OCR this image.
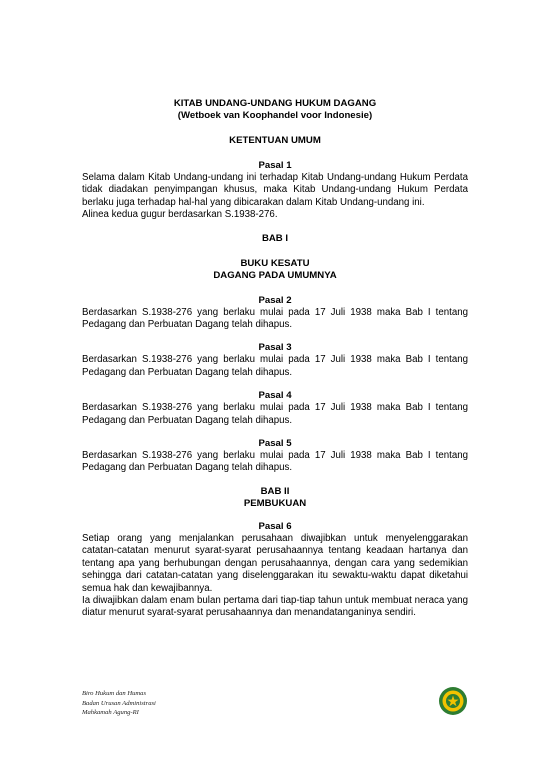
KITAB UNDANG-UNDANG HUKUM DAGANG
(Wetboek van Koophandel voor Indonesie)
KETENTUAN UMUM
Pasal 1
Selama dalam Kitab Undang-undang ini terhadap Kitab Undang-undang Hukum Perdata tidak diadakan penyimpangan khusus, maka Kitab Undang-undang Hukum Perdata berlaku juga terhadap hal-hal yang dibicarakan dalam Kitab Undang-undang ini.
Alinea kedua gugur berdasarkan S.1938-276.
BAB I
BUKU KESATU
DAGANG PADA UMUMNYA
Pasal 2
Berdasarkan S.1938-276 yang berlaku mulai pada 17 Juli 1938 maka Bab I tentang Pedagang dan Perbuatan Dagang telah dihapus.
Pasal 3
Berdasarkan S.1938-276 yang berlaku mulai pada 17 Juli 1938 maka Bab I tentang Pedagang dan Perbuatan Dagang telah dihapus.
Pasal 4
Berdasarkan S.1938-276 yang berlaku mulai pada 17 Juli 1938 maka Bab I tentang Pedagang dan Perbuatan Dagang telah dihapus.
Pasal 5
Berdasarkan S.1938-276 yang berlaku mulai pada 17 Juli 1938 maka Bab I tentang Pedagang dan Perbuatan Dagang telah dihapus.
BAB II
PEMBUKUAN
Pasal 6
Setiap orang yang menjalankan perusahaan diwajibkan untuk menyelenggarakan catatan-catatan menurut syarat-syarat perusahaannya tentang keadaan hartanya dan tentang apa yang berhubungan dengan perusahaannya, dengan cara yang sedemikian sehingga dari catatan-catatan yang diselenggarakan itu sewaktu-waktu dapat diketahui semua hak dan kewajibannya.
Ia diwajibkan dalam enam bulan pertama dari tiap-tiap tahun untuk membuat neraca yang diatur menurut syarat-syarat perusahaannya dan menandatanganinya sendiri.
Biro Hukum dan Humas
Badan Urusan Administrasi
Mahkamah Agung-RI
